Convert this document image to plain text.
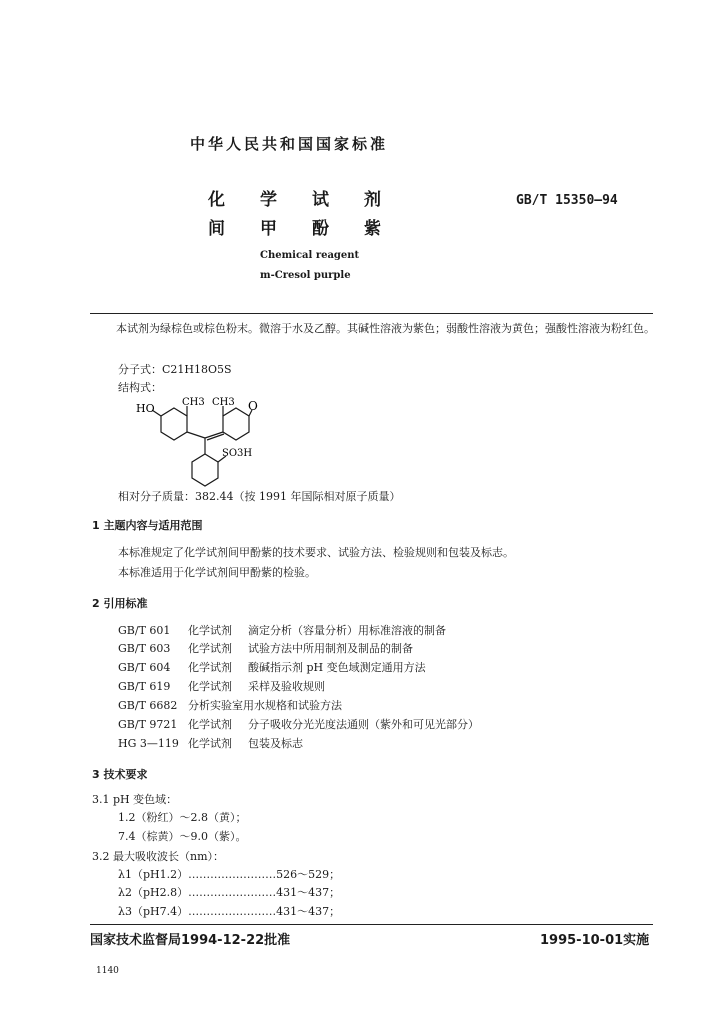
中华人民共和国国家标准
化学试剂
间甲酚紫
GB/T 15350—94
Chemical reagent
m-Cresol purple
本试剂为绿棕色或棕色粉末。微溶于水及乙醇。其碱性溶液为紫色；弱酸性溶液为黄色；强酸性溶液为粉红色。
分子式：C21H18O5S
结构式：
HO	CH3 CH3 O
SO3H
相对分子质量：382.44（按 1991 年国际相对原子质量）
1 主题内容与适用范围
本标准规定了化学试剂间甲酚紫的技术要求、试验方法、检验规则和包装及标志。
本标准适用于化学试剂间甲酚紫的检验。
2 引用标准
GB/T 601 化学试剂 滴定分析（容量分析）用标准溶液的制备
GB/T 603 化学试剂 试验方法中所用制剂及制品的制备
GB/T 604 化学试剂 酸碱指示剂 pH 变色域测定通用方法
GB/T 619 化学试剂 采样及验收规则
GB/T 6682 分析实验室用水规格和试验方法
GB/T 9721 化学试剂 分子吸收分光光度法通则（紫外和可见光部分）
HG 3—119 化学试剂 包装及标志
3 技术要求
3.1 pH 变色域：
1.2（粉红）～2.8（黄）；
7.4（棕黄）～9.0（紫）。
3.2 最大吸收波长（nm）：
λ1（pH1.2）……………………526～529；
λ2（pH2.8）……………………431～437；
λ3（pH7.4）……………………431～437；
国家技术监督局1994-12-22批准	1995-10-01实施
1140
